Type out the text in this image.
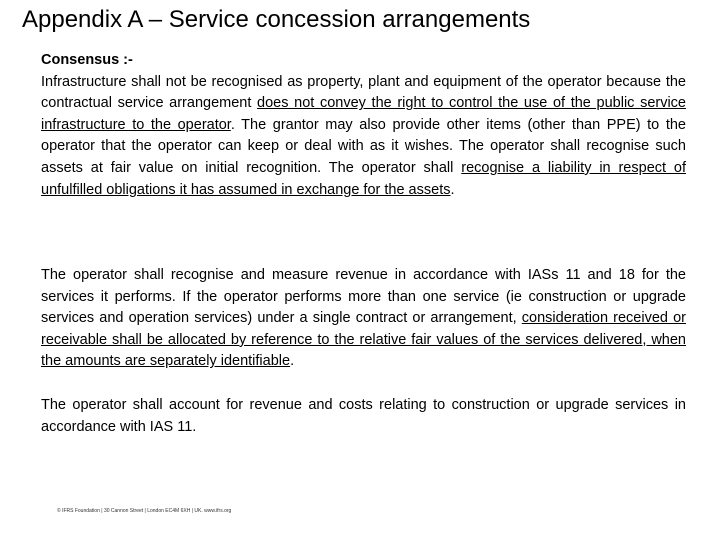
Appendix A – Service concession arrangements
Consensus :-
Infrastructure shall not be recognised as property, plant and equipment of the operator because the contractual service arrangement does not convey the right to control the use of the public service infrastructure to the operator. The grantor may also provide other items (other than PPE) to the operator that the operator can keep or deal with as it wishes. The operator shall recognise such assets at fair value on initial recognition. The operator shall recognise a liability in respect of unfulfilled obligations it has assumed in exchange for the assets.
The operator shall recognise and measure revenue in accordance with IASs 11 and 18 for the services it performs. If the operator performs more than one service (ie construction or upgrade services and operation services) under a single contract or arrangement, consideration received or receivable shall be allocated by reference to the relative fair values of the services delivered, when the amounts are separately identifiable.
The operator shall account for revenue and costs relating to construction or upgrade services in accordance with IAS 11.
© IFRS Foundation | 30 Cannon Street | London EC4M 6XH | UK. www.ifrs.org
